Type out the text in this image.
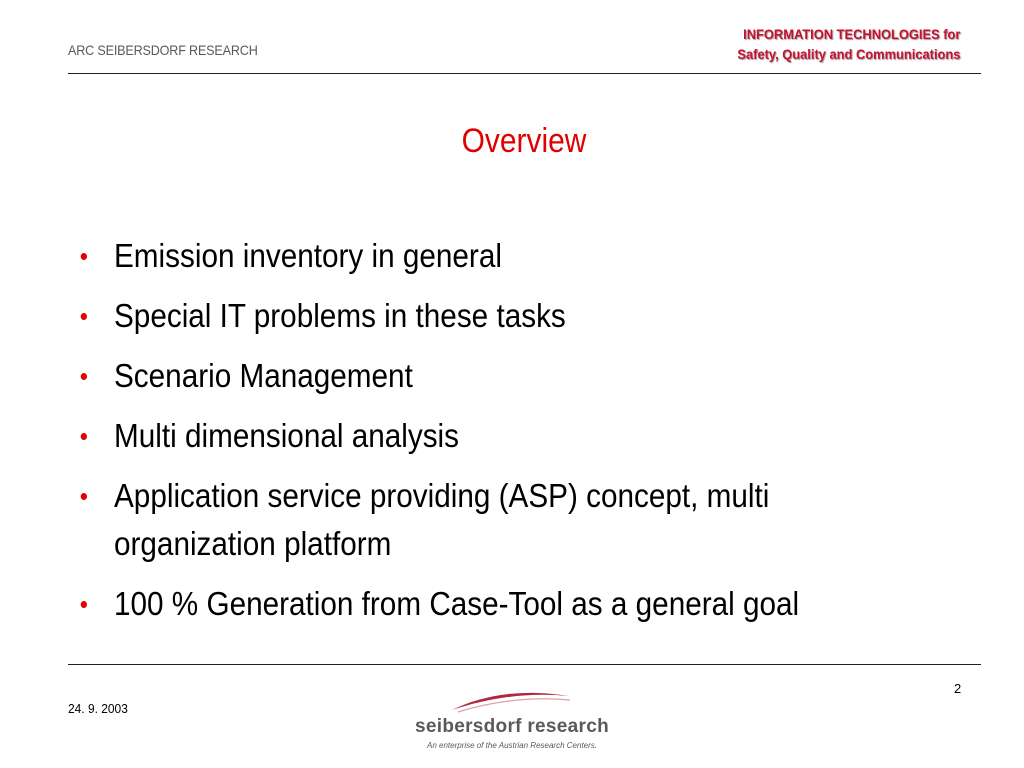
ARC SEIBERSDORF RESEARCH
INFORMATION TECHNOLOGIES for
Safety, Quality and Communications
Overview
• Emission inventory in general
• Special IT problems in these tasks
• Scenario Management
• Multi dimensional analysis
• Application service providing (ASP) concept, multi organization platform
• 100 % Generation from Case-Tool as a general goal
24. 9. 2003
2
seibersdorf research
An enterprise of the Austrian Research Centers.
